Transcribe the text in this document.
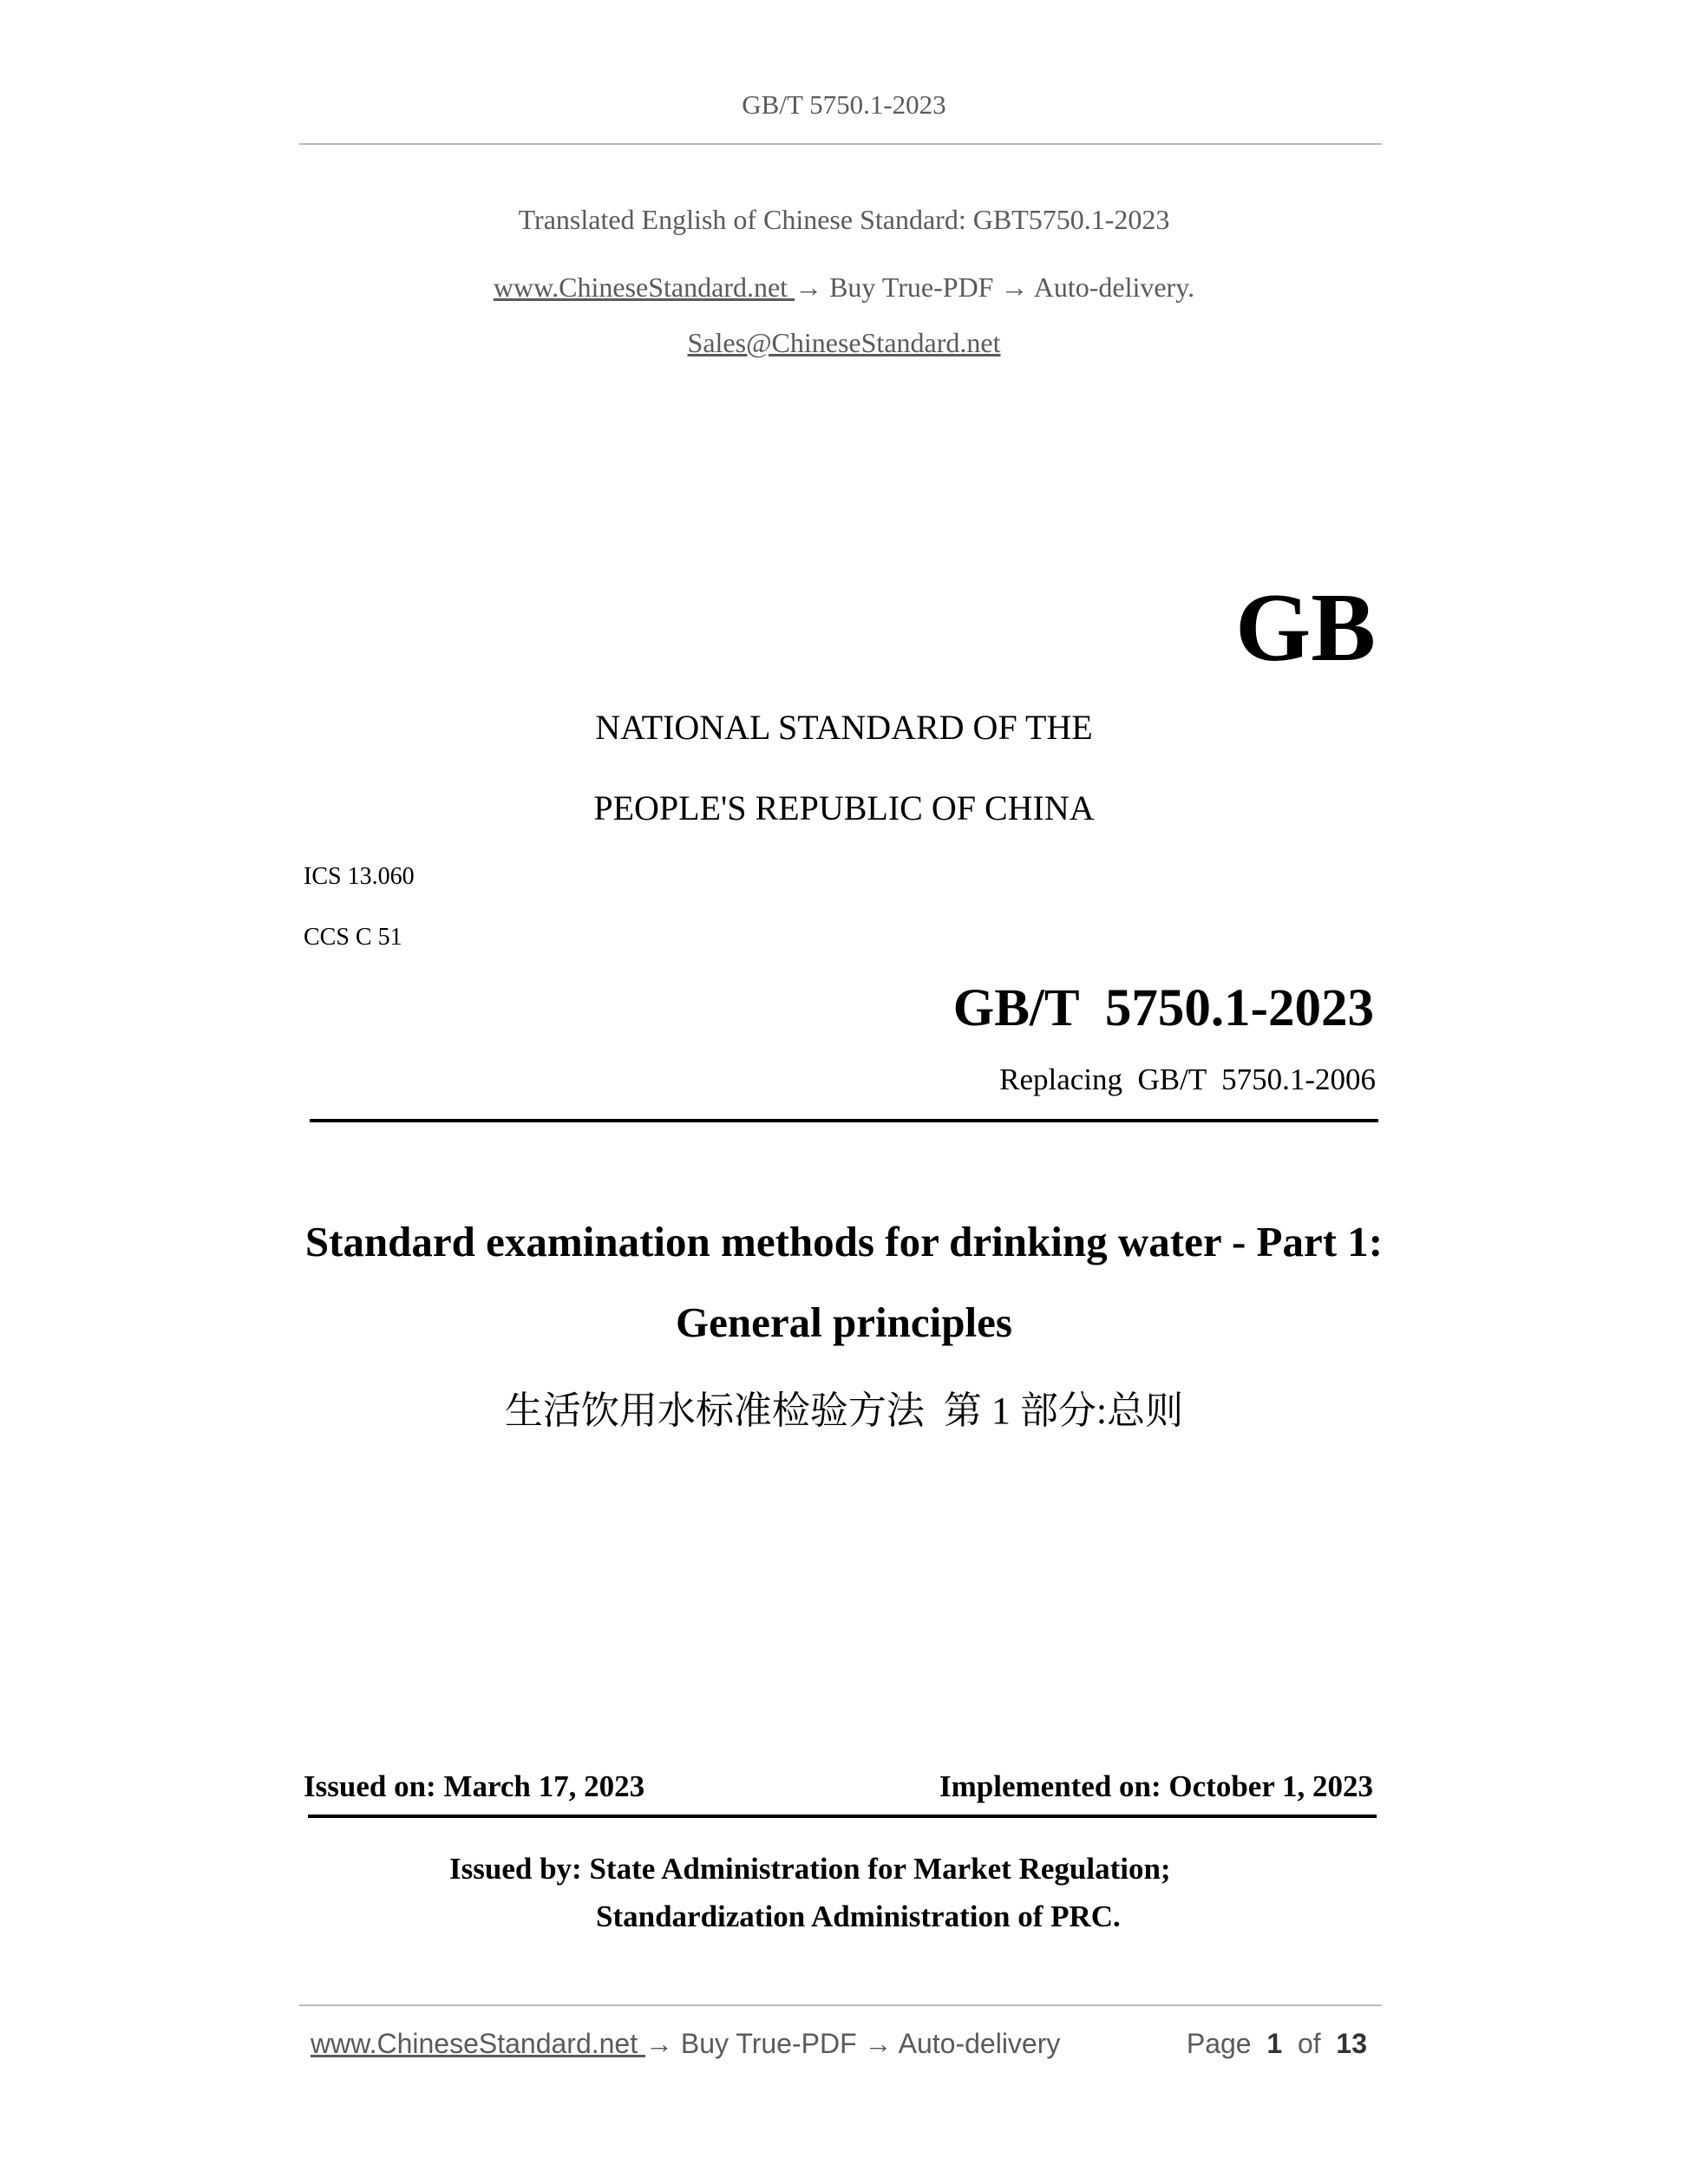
GB/T 5750.1-2023
Translated English of Chinese Standard: GBT5750.1-2023
www.ChineseStandard.net → Buy True-PDF → Auto-delivery.
Sales@ChineseStandard.net
GB
NATIONAL STANDARD OF THE
PEOPLE'S REPUBLIC OF CHINA
ICS 13.060
CCS C 51
GB/T  5750.1-2023
Replacing  GB/T  5750.1-2006
Standard examination methods for drinking water - Part 1:
General principles
生活饮用水标准检验方法  第 1 部分:总则
Issued on: March 17, 2023	Implemented on: October 1, 2023
Issued by: State Administration for Market Regulation;
Standardization Administration of PRC.
www.ChineseStandard.net → Buy True-PDF → Auto-delivery	Page 1 of 13
